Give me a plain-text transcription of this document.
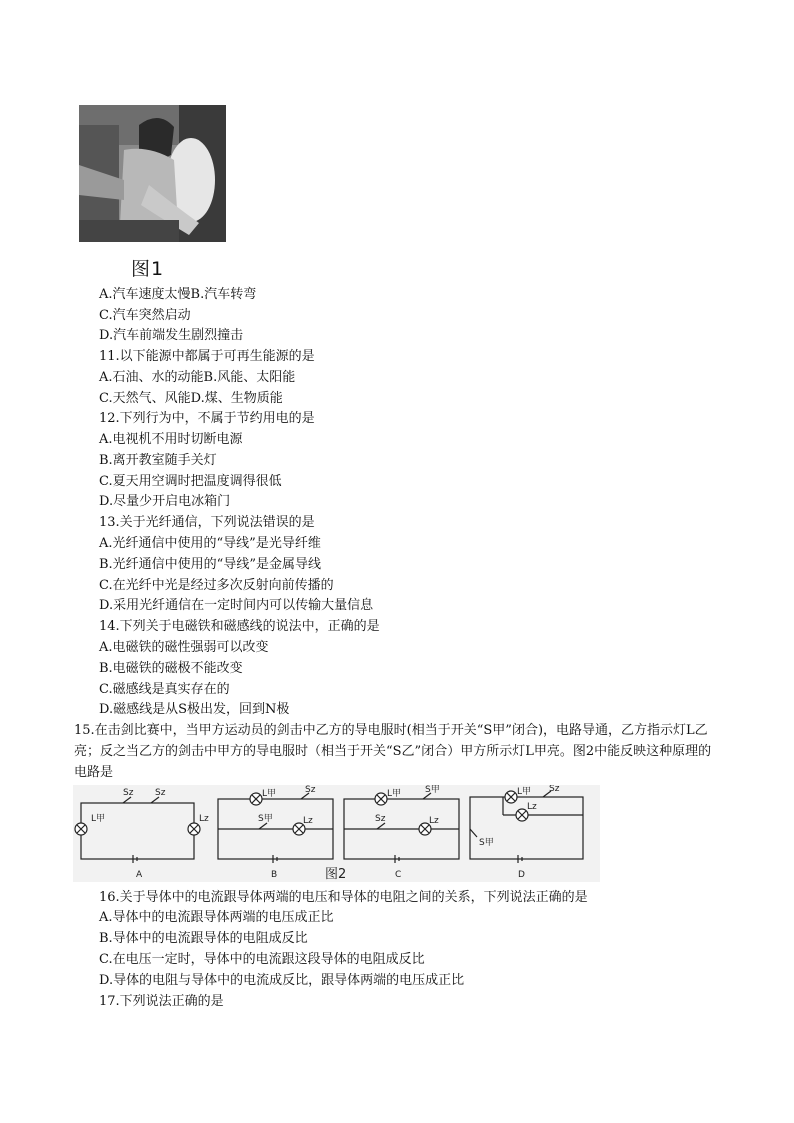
图1
A.汽车速度太慢B.汽车转弯
C.汽车突然启动
D.汽车前端发生剧烈撞击
11.以下能源中都属于可再生能源的是
A.石油、水的动能B.风能、太阳能
C.天然气、风能D.煤、生物质能
12.下列行为中，不属于节约用电的是
A.电视机不用时切断电源
B.离开教室随手关灯
C.夏天用空调时把温度调得很低
D.尽量少开启电冰箱门
13.关于光纤通信，下列说法错误的是
A.光纤通信中使用的“导线”是光导纤维
B.光纤通信中使用的“导线”是金属导线
C.在光纤中光是经过多次反射向前传播的
D.采用光纤通信在一定时间内可以传输大量信息
14.下列关于电磁铁和磁感线的说法中，正确的是
A.电磁铁的磁性强弱可以改变
B.电磁铁的磁极不能改变
C.磁感线是真实存在的
D.磁感线是从S极出发，回到N极
15.在击剑比赛中，当甲方运动员的剑击中乙方的导电服时(相当于开关“S甲”闭合)，电路导通，乙方指示灯L乙亮；反之当乙方的剑击中甲方的导电服时（相当于开关“S乙”闭合）甲方所示灯L甲亮。图2中能反映这种原理的电路是
A	B	C	D
Sz Sz
L甲	Lz
L甲	Sz
S甲	Lz
L甲	S甲
Sz	Lz
L甲 Sz
Lz
S甲
图2
16.关于导体中的电流跟导体两端的电压和导体的电阻之间的关系，下列说法正确的是
A.导体中的电流跟导体两端的电压成正比
B.导体中的电流跟导体的电阻成反比
C.在电压一定时，导体中的电流跟这段导体的电阻成反比
D.导体的电阻与导体中的电流成反比，跟导体两端的电压成正比
17.下列说法正确的是
